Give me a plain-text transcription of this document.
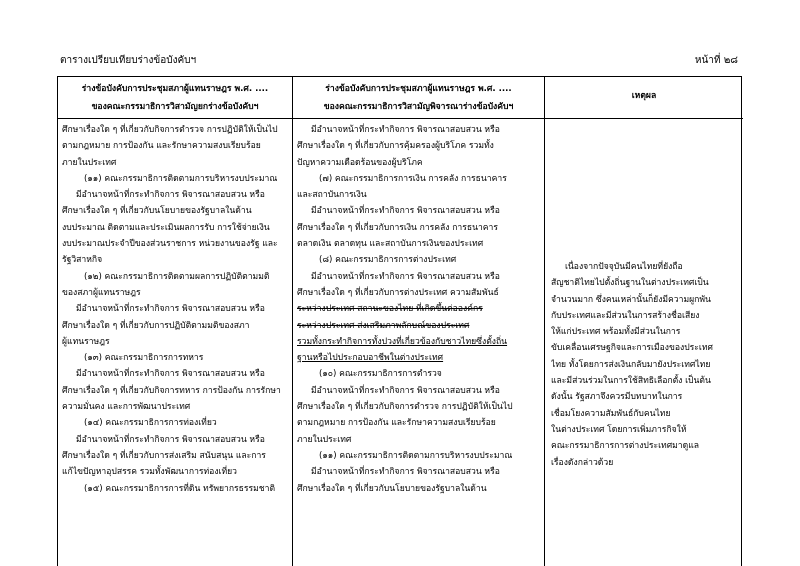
ตารางเปรียบเทียบร่างข้อบังคับฯ	หน้าที่ ๒๘
ร่างข้อบังคับการประชุมสภาผู้แทนราษฎร พ.ศ. ....
ของคณะกรรมาธิการวิสามัญยกร่างข้อบังคับฯ
ศึกษาเรื่องใด ๆ ที่เกี่ยวกับกิจการตำรวจ การปฏิบัติให้เป็นไป
ตามกฎหมาย การป้องกัน และรักษาความสงบเรียบร้อย
ภายในประเทศ
(๑๑) คณะกรรมาธิการติดตามการบริหารงบประมาณ
มีอำนาจหน้าที่กระทำกิจการ พิจารณาสอบสวน หรือ
ศึกษาเรื่องใด ๆ ที่เกี่ยวกับนโยบายของรัฐบาลในด้าน
งบประมาณ ติดตามและประเมินผลการรับ การใช้จ่ายเงิน
งบประมาณประจำปีของส่วนราชการ หน่วยงานของรัฐ และ
รัฐวิสาหกิจ
(๑๒) คณะกรรมาธิการติดตามผลการปฏิบัติตามมติ
ของสภาผู้แทนราษฎร
มีอำนาจหน้าที่กระทำกิจการ พิจารณาสอบสวน หรือ
ศึกษาเรื่องใด ๆ ที่เกี่ยวกับการปฏิบัติตามมติของสภา
ผู้แทนราษฎร
(๑๓) คณะกรรมาธิการการทหาร
มีอำนาจหน้าที่กระทำกิจการ พิจารณาสอบสวน หรือ
ศึกษาเรื่องใด ๆ ที่เกี่ยวกับกิจการทหาร การป้องกัน การรักษา
ความมั่นคง และการพัฒนาประเทศ
(๑๔) คณะกรรมาธิการการท่องเที่ยว
มีอำนาจหน้าที่กระทำกิจการ พิจารณาสอบสวน หรือ
ศึกษาเรื่องใด ๆ ที่เกี่ยวกับการส่งเสริม สนับสนุน และการ
แก้ไขปัญหาอุปสรรค รวมทั้งพัฒนาการท่องเที่ยว
(๑๕) คณะกรรมาธิการการที่ดิน ทรัพยากรธรรมชาติ
ร่างข้อบังคับการประชุมสภาผู้แทนราษฎร พ.ศ. ....
ของคณะกรรมาธิการวิสามัญพิจารณาร่างข้อบังคับฯ
มีอำนาจหน้าที่กระทำกิจการ พิจารณาสอบสวน หรือ
ศึกษาเรื่องใด ๆ ที่เกี่ยวกับการคุ้มครองผู้บริโภค รวมทั้ง
ปัญหาความเดือดร้อนของผู้บริโภค
(๗) คณะกรรมาธิการการเงิน การคลัง การธนาคาร
และสถาบันการเงิน
มีอำนาจหน้าที่กระทำกิจการ พิจารณาสอบสวน หรือ
ศึกษาเรื่องใด ๆ ที่เกี่ยวกับการเงิน การคลัง การธนาคาร
ตลาดเงิน ตลาดทุน และสถาบันการเงินของประเทศ
(๘) คณะกรรมาธิการการต่างประเทศ
มีอำนาจหน้าที่กระทำกิจการ พิจารณาสอบสวน หรือ
ศึกษาเรื่องใด ๆ ที่เกี่ยวกับการต่างประเทศ ความสัมพันธ์
ระหว่างประเทศ สถานะของไทย ที่เกิดขึ้นต่อองค์กร
ระหว่างประเทศ ส่งเสริมภาพลักษณ์ของประเทศ
รวมทั้งกระทำกิจการทั้งปวงที่เกี่ยวข้องกับชาวไทยซึ่งตั้งถิ่น
ฐานหรือไปประกอบอาชีพในต่างประเทศ
(๑๐) คณะกรรมาธิการการตำรวจ
มีอำนาจหน้าที่กระทำกิจการ พิจารณาสอบสวน หรือ
ศึกษาเรื่องใด ๆ ที่เกี่ยวกับกิจการตำรวจ การปฏิบัติให้เป็นไป
ตามกฎหมาย การป้องกัน และรักษาความสงบเรียบร้อย
ภายในประเทศ
(๑๑) คณะกรรมาธิการติดตามการบริหารงบประมาณ
มีอำนาจหน้าที่กระทำกิจการ พิจารณาสอบสวน หรือ
ศึกษาเรื่องใด ๆ ที่เกี่ยวกับนโยบายของรัฐบาลในด้าน
เหตุผล
เนื่องจากปัจจุบันมีคนไทยที่ยังถือ
สัญชาติไทยไปตั้งถิ่นฐานในต่างประเทศเป็น
จำนวนมาก ซึ่งคนเหล่านั้นก็ยังมีความผูกพัน
กับประเทศและมีส่วนในการสร้างชื่อเสียง
ให้แก่ประเทศ พร้อมทั้งมีส่วนในการ
ขับเคลื่อนเศรษฐกิจและการเมืองของประเทศ
ไทย ทั้งโดยการส่งเงินกลับมายังประเทศไทย
และมีส่วนร่วมในการใช้สิทธิเลือกตั้ง เป็นต้น
ดังนั้น รัฐสภาจึงควรมีบทบาทในการ
เชื่อมโยงความสัมพันธ์กับคนไทย
ในต่างประเทศ โดยการเพิ่มภารกิจให้
คณะกรรมาธิการการต่างประเทศมาดูแล
เรื่องดังกล่าวด้วย
